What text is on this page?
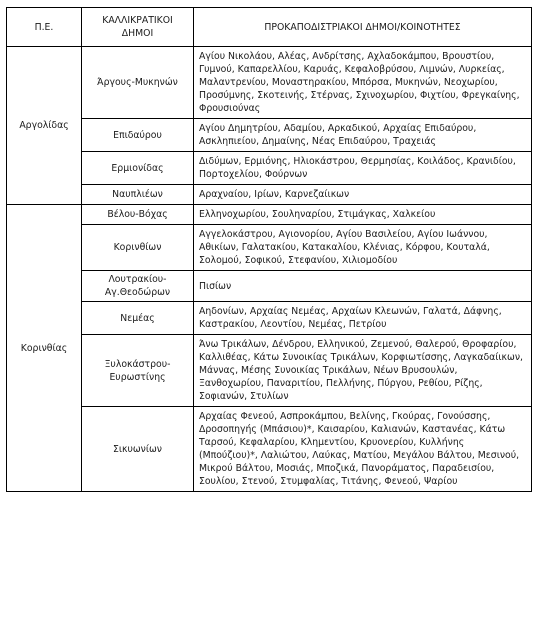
Π.Ε.	ΚΑΛΛΙΚΡΑΤΙΚΟΙ ΔΗΜΟΙ	ΠΡΟΚΑΠΟΔΙΣΤΡΙΑΚΟΙ ΔΗΜΟΙ/ΚΟΙΝΟΤΗΤΕΣ
Αργολίδας	Άργους-Μυκηνών	Αγίου Νικολάου, Αλέας, Ανδρίτσης, Αχλαδοκάμπου, Βρουστίου, Γυμνού, Καπαρελλίου, Καρυάς, Κεφαλοβρύσου, Λιμνών, Λυρκείας, Μαλαντρενίου, Μοναστηρακίου, Μπόρσα, Μυκηνών, Νεοχωρίου, Προσύμνης, Σκοτεινής, Στέρνας, Σχινοχωρίου, Φιχτίου, Φρεγκαίνης, Φρουσιούνας
	Επιδαύρου	Αγίου Δημητρίου, Αδαμίου, Αρκαδικού, Αρχαίας Επιδαύρου, Ασκληπιείου, Δημαίνης, Νέας Επιδαύρου, Τραχειάς
	Ερμιονίδας	Διδύμων, Ερμιόνης, Ηλιοκάστρου, Θερμησίας, Κοιλάδος, Κρανιδίου, Πορτοχελίου, Φούρνων
	Ναυπλιέων	Αραχναίου, Ιρίων, Καρνεζαίικων
Κορινθίας	Βέλου-Βόχας	Ελληνοχωρίου, Σουληναρίου, Στιμάγκας, Χαλκείου
	Κορινθίων	Αγγελοκάστρου, Αγιονορίου, Αγίου Βασιλείου, Αγίου Ιωάννου, Αθικίων, Γαλατακίου, Κατακαλίου, Κλένιας, Κόρφου, Κουταλά, Σολομού, Σοφικού, Στεφανίου, Χιλιομοδίου
	Λουτρακίου-Αγ.Θεοδώρων	Πισίων
	Νεμέας	Αηδονίων, Αρχαίας Νεμέας, Αρχαίων Κλεωνών, Γαλατά, Δάφνης, Καστρακίου, Λεοντίου, Νεμέας, Πετρίου
	Ξυλοκάστρου-Ευρωστίνης	Άνω Τρικάλων, Δένδρου, Ελληνικού, Ζεμενού, Θαλερού, Θροφαρίου, Καλλιθέας, Κάτω Συνοικίας Τρικάλων, Κορφιωτίσσης, Λαγκαδαίικων, Μάννας, Μέσης Συνοικίας Τρικάλων, Νέων Βρυσουλών, Ξανθοχωρίου, Παναριτίου, Πελλήνης, Πύργου, Ρεθίου, Ρίζης, Σοφιανών, Στυλίων
	Σικυωνίων	Αρχαίας Φενεού, Ασπροκάμπου, Βελίνης, Γκούρας, Γονούσσης, Δροσοπηγής (Μπάσιου)*, Καισαρίου, Καλιανών, Καστανέας, Κάτω Ταρσού, Κεφαλαρίου, Κλημεντίου, Κρυονερίου, Κυλλήνης (Μπούζιου)*, Λαλιώτου, Λαύκας, Ματίου, Μεγάλου Βάλτου, Μεσινού, Μικρού Βάλτου, Μοσιάς, Μποζικά, Πανοράματος, Παραδεισίου, Σουλίου, Στενού, Στυμφαλίας, Τιτάνης, Φενεού, Ψαρίου
